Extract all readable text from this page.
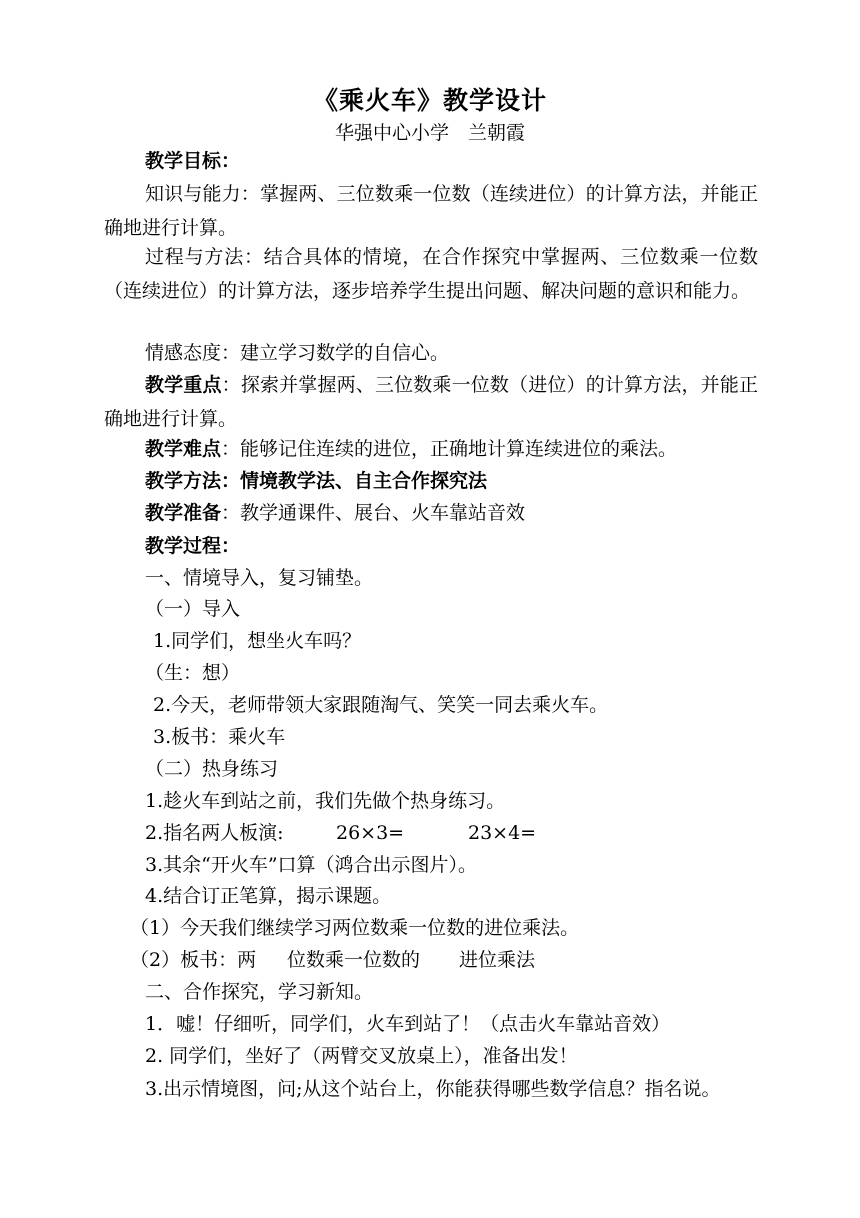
《乘火车》教学设计
华强中心小学　兰朝霞
教学目标：
知识与能力：掌握两、三位数乘一位数（连续进位）的计算方法，并能正确地进行计算。
过程与方法：结合具体的情境，在合作探究中掌握两、三位数乘一位数（连续进位）的计算方法，逐步培养学生提出问题、解决问题的意识和能力。
情感态度：建立学习数学的自信心。
教学重点：探索并掌握两、三位数乘一位数（进位）的计算方法，并能正确地进行计算。
教学难点：能够记住连续的进位，正确地计算连续进位的乘法。
教学方法：情境教学法、自主合作探究法
教学准备：教学通课件、展台、火车靠站音效
教学过程：
一、情境导入，复习铺垫。
（一）导入
1.同学们，想坐火车吗？
（生：想）
2.今天，老师带领大家跟随淘气、笑笑一同去乘火车。
3.板书：乘火车
（二）热身练习
1.趁火车到站之前，我们先做个热身练习。
2.指名两人板演:	26×3=	23×4=
3.其余“开火车”口算（鸿合出示图片）。
4.结合订正笔算，揭示课题。
（1）今天我们继续学习两位数乘一位数的进位乘法。
（2）板书：两 位数乘一位数的 进位乘法
二、合作探究，学习新知。
1．嘘！仔细听，同学们，火车到站了！（点击火车靠站音效）
2. 同学们，坐好了（两臂交叉放桌上），准备出发！
3.出示情境图，问;从这个站台上，你能获得哪些数学信息？指名说。
